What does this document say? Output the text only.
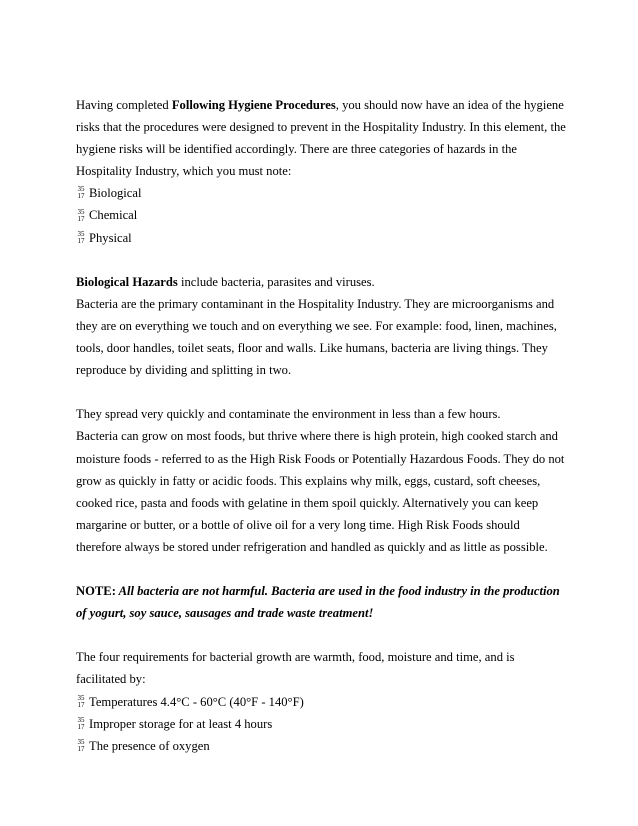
Having completed Following Hygiene Procedures, you should now have an idea of the hygiene
risks that the procedures were designed to prevent in the Hospitality Industry. In this element, the
hygiene risks will be identified accordingly. There are three categories of hazards in the
Hospitality Industry, which you must note:
35
17 Biological
35
17 Chemical
35
17 Physical
Biological Hazards include bacteria, parasites and viruses.
Bacteria are the primary contaminant in the Hospitality Industry. They are microorganisms and
they are on everything we touch and on everything we see. For example: food, linen, machines,
tools, door handles, toilet seats, floor and walls. Like humans, bacteria are living things. They
reproduce by dividing and splitting in two.
They spread very quickly and contaminate the environment in less than a few hours.
Bacteria can grow on most foods, but thrive where there is high protein, high cooked starch and
moisture foods - referred to as the High Risk Foods or Potentially Hazardous Foods. They do not
grow as quickly in fatty or acidic foods. This explains why milk, eggs, custard, soft cheeses,
cooked rice, pasta and foods with gelatine in them spoil quickly. Alternatively you can keep
margarine or butter, or a bottle of olive oil for a very long time. High Risk Foods should
therefore always be stored under refrigeration and handled as quickly and as little as possible.
NOTE: All bacteria are not harmful. Bacteria are used in the food industry in the production
of yogurt, soy sauce, sausages and trade waste treatment!
The four requirements for bacterial growth are warmth, food, moisture and time, and is
facilitated by:
35
17 Temperatures 4.4°C - 60°C (40°F - 140°F)
35
17 Improper storage for at least 4 hours
35
17 The presence of oxygen
